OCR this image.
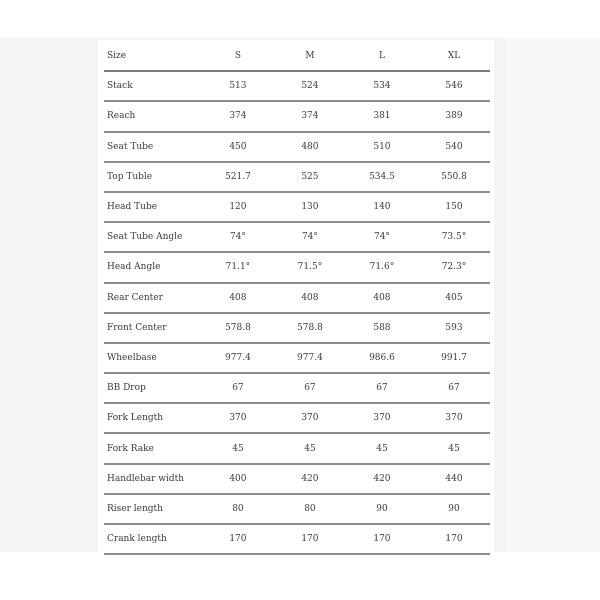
Size	S	M	L	XL
Stack	513	524	534	546
Reach	374	374	381	389
Seat Tube	450	480	510	540
Top Tuble	521.7	525	534.5	550.8
Head Tube	120	130	140	150
Seat Tube Angle	74°	74°	74°	73.5°
Head Angle	71.1°	71.5°	71.6°	72.3°
Rear Center	408	408	408	405
Front Center	578.8	578.8	588	593
Wheelbase	977.4	977.4	986.6	991.7
BB Drop	67	67	67	67
Fork Length	370	370	370	370
Fork Rake	45	45	45	45
Handlebar width	400	420	420	440
Riser length	80	80	90	90
Crank length	170	170	170	170
